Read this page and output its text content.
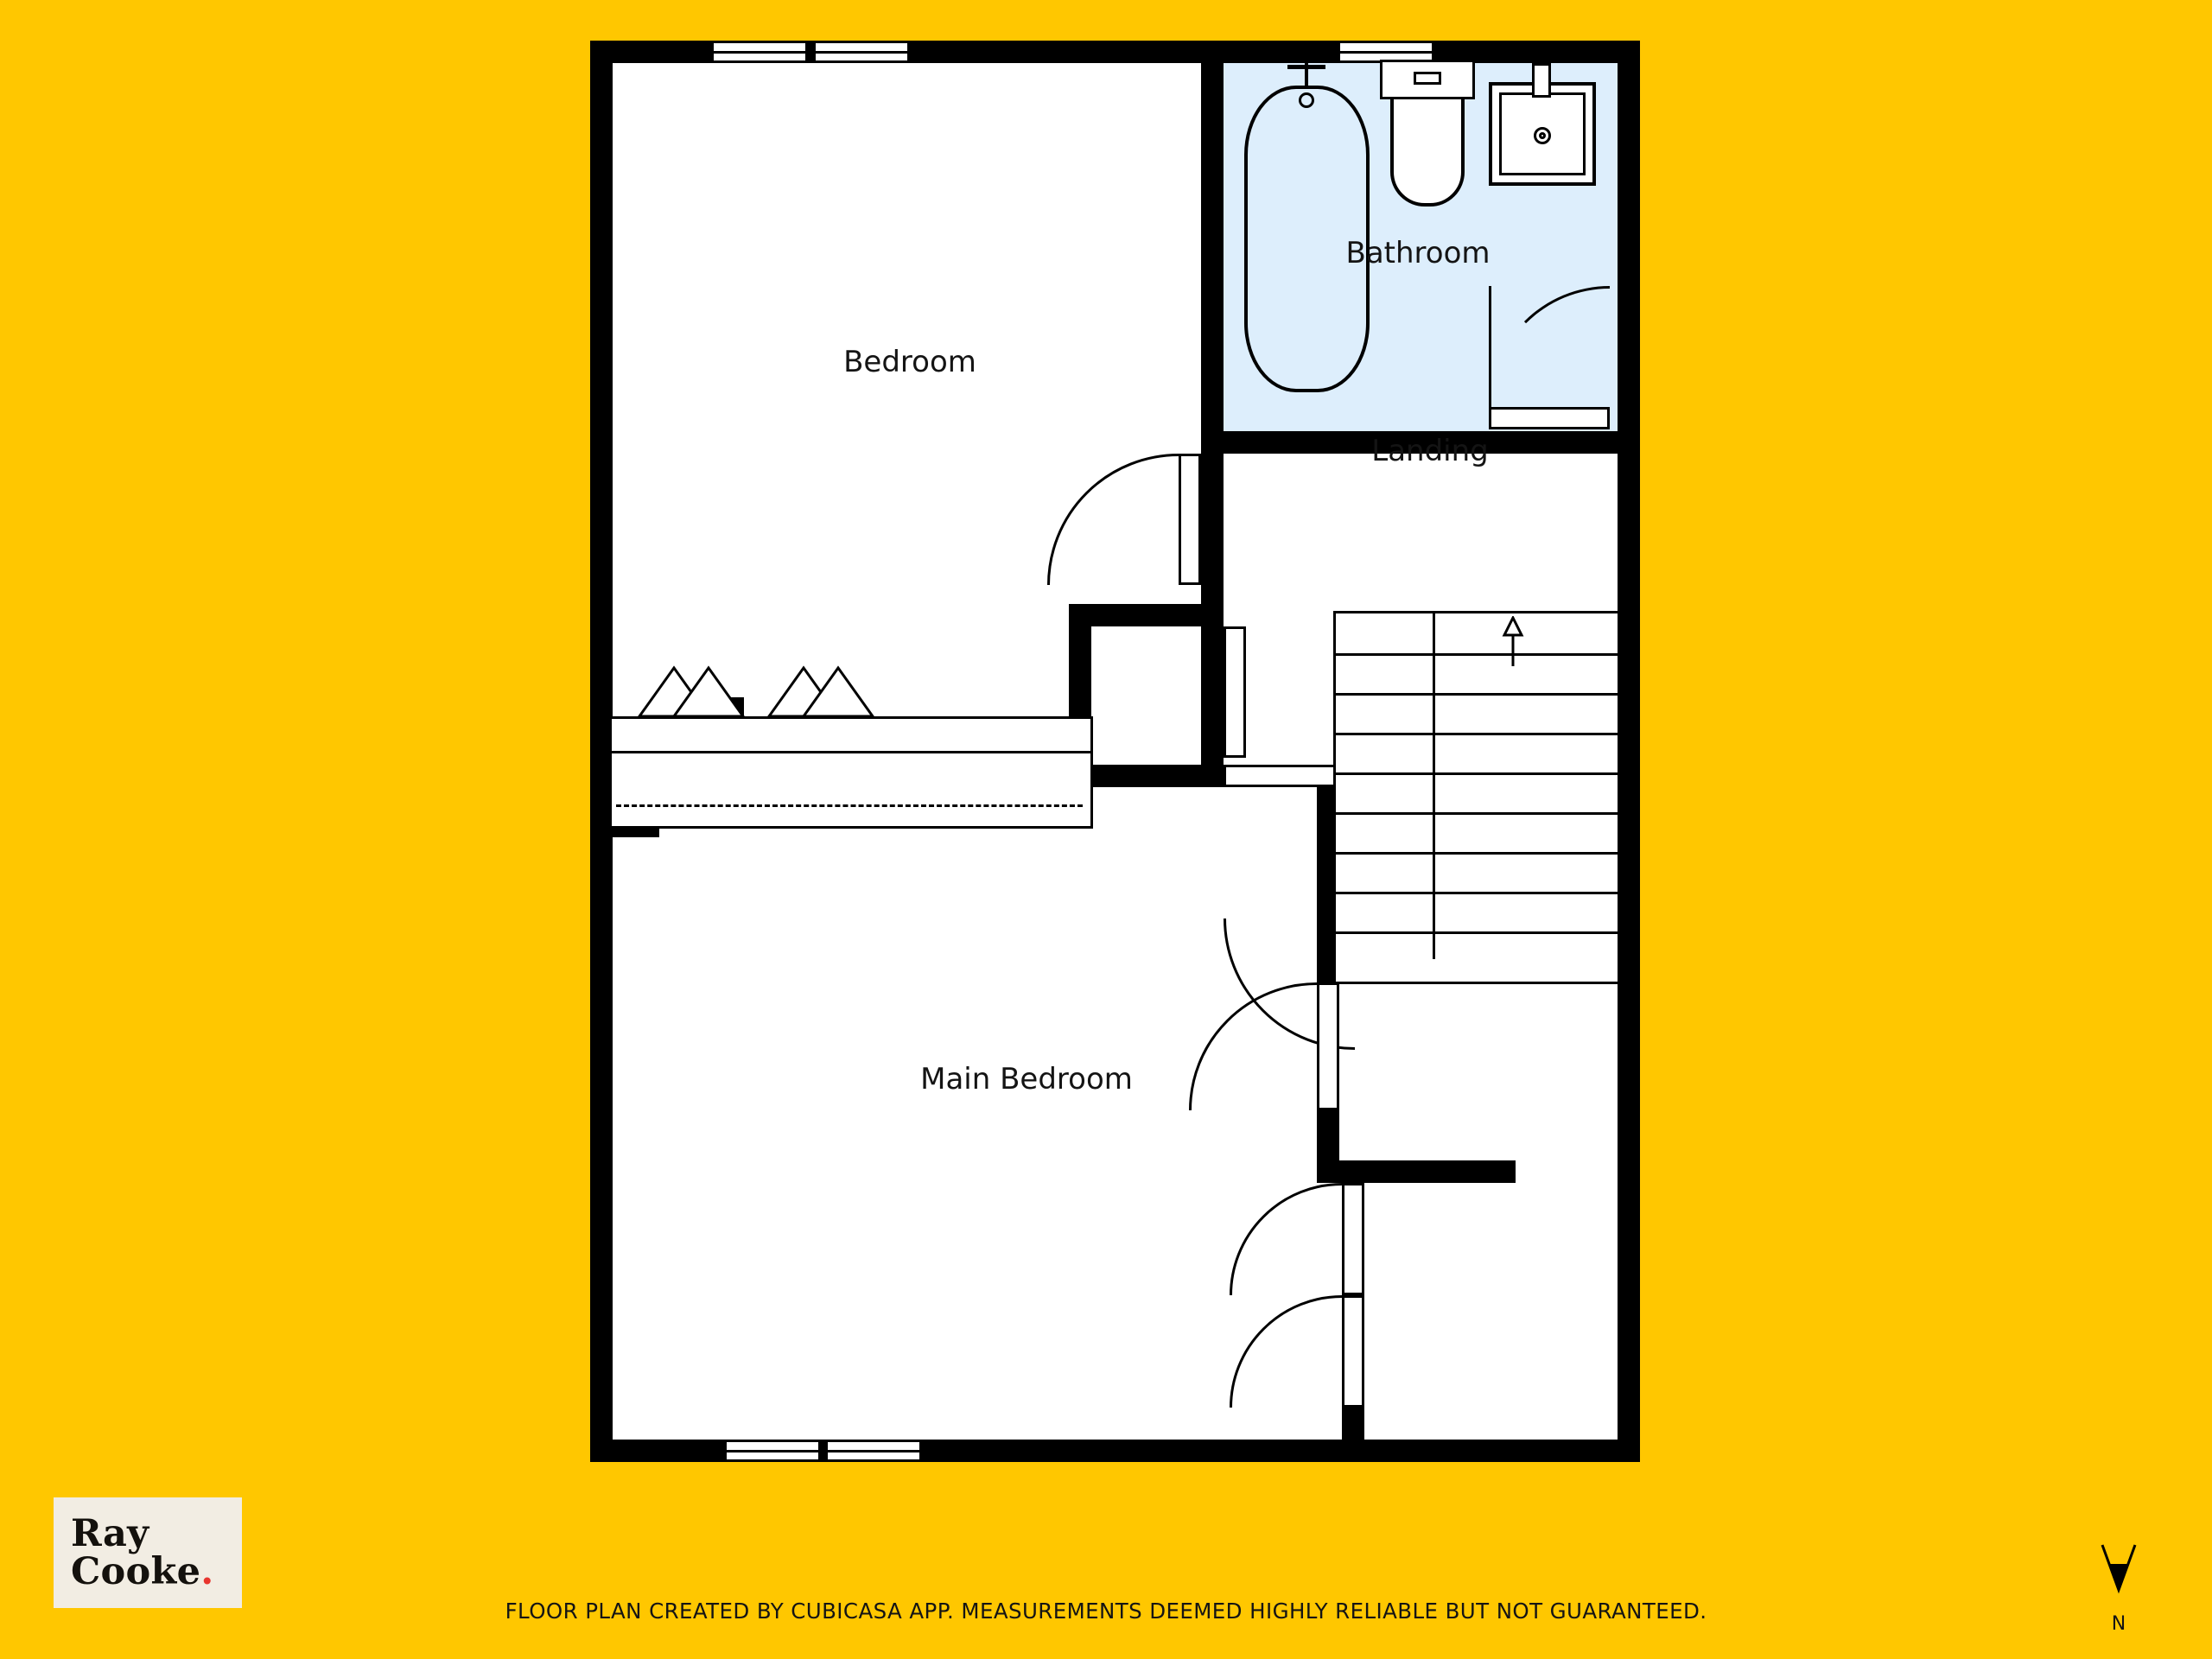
Bedroom
Bathroom
Landing
Main Bedroom
Ray
Cooke.
FLOOR PLAN CREATED BY CUBICASA APP. MEASUREMENTS DEEMED HIGHLY RELIABLE BUT NOT GUARANTEED.
N
